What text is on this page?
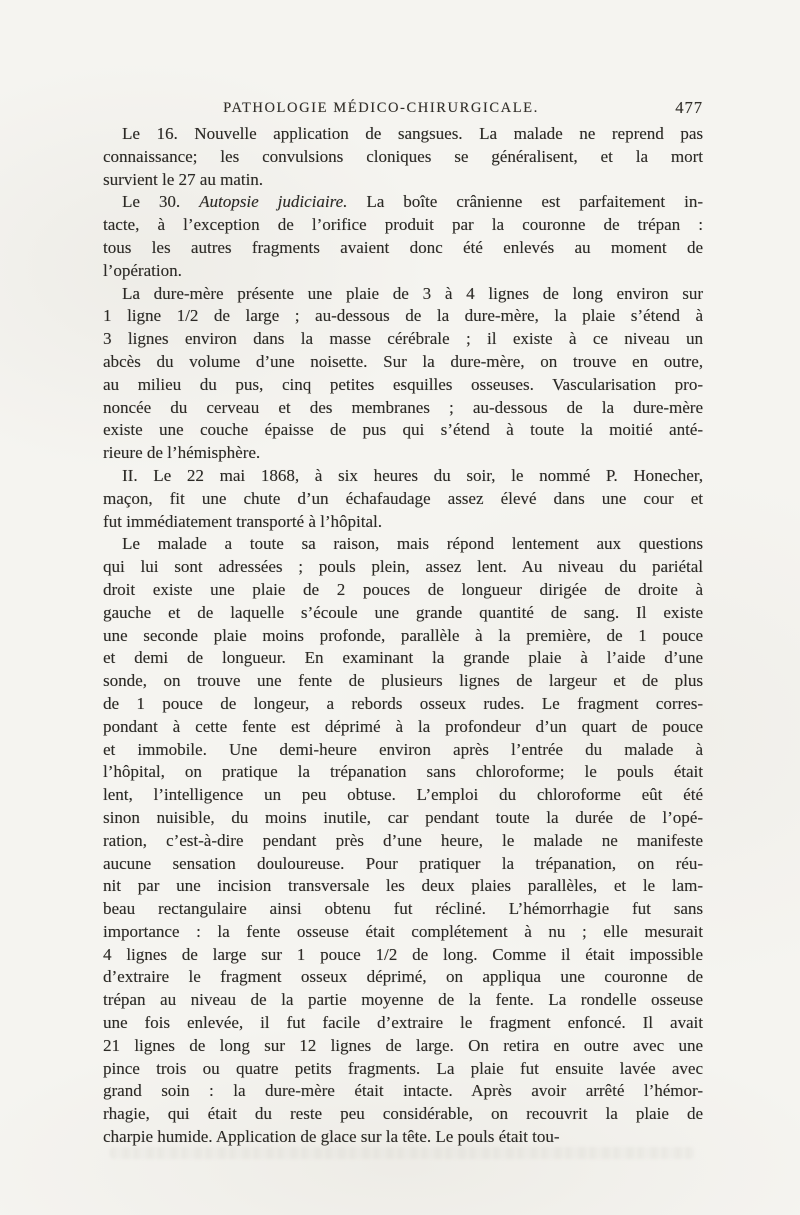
PATHOLOGIE MÉDICO-CHIRURGICALE.	477
Le 16. Nouvelle application de sangsues. La malade ne reprend pas
connaissance; les convulsions cloniques se généralisent, et la mort
survient le 27 au matin.
Le 30. Autopsie judiciaire. La boîte crânienne est parfaitement in-
tacte, à l’exception de l’orifice produit par la couronne de trépan :
tous les autres fragments avaient donc été enlevés au moment de
l’opération.
La dure-mère présente une plaie de 3 à 4 lignes de long environ sur
1 ligne 1/2 de large ; au-dessous de la dure-mère, la plaie s’étend à
3 lignes environ dans la masse cérébrale ; il existe à ce niveau un
abcès du volume d’une noisette. Sur la dure-mère, on trouve en outre,
au milieu du pus, cinq petites esquilles osseuses. Vascularisation pro-
noncée du cerveau et des membranes ; au-dessous de la dure-mère
existe une couche épaisse de pus qui s’étend à toute la moitié anté-
rieure de l’hémisphère.
II. Le 22 mai 1868, à six heures du soir, le nommé P. Honecher,
maçon, fit une chute d’un échafaudage assez élevé dans une cour et
fut immédiatement transporté à l’hôpital.
Le malade a toute sa raison, mais répond lentement aux questions
qui lui sont adressées ; pouls plein, assez lent. Au niveau du pariétal
droit existe une plaie de 2 pouces de longueur dirigée de droite à
gauche et de laquelle s’écoule une grande quantité de sang. Il existe
une seconde plaie moins profonde, parallèle à la première, de 1 pouce
et demi de longueur. En examinant la grande plaie à l’aide d’une
sonde, on trouve une fente de plusieurs lignes de largeur et de plus
de 1 pouce de longeur, a rebords osseux rudes. Le fragment corres-
pondant à cette fente est déprimé à la profondeur d’un quart de pouce
et immobile. Une demi-heure environ après l’entrée du malade à
l’hôpital, on pratique la trépanation sans chloroforme; le pouls était
lent, l’intelligence un peu obtuse. L’emploi du chloroforme eût été
sinon nuisible, du moins inutile, car pendant toute la durée de l’opé-
ration, c’est-à-dire pendant près d’une heure, le malade ne manifeste
aucune sensation douloureuse. Pour pratiquer la trépanation, on réu-
nit par une incision transversale les deux plaies parallèles, et le lam-
beau rectangulaire ainsi obtenu fut récliné. L’hémorrhagie fut sans
importance : la fente osseuse était complétement à nu ; elle mesurait
4 lignes de large sur 1 pouce 1/2 de long. Comme il était impossible
d’extraire le fragment osseux déprimé, on appliqua une couronne de
trépan au niveau de la partie moyenne de la fente. La rondelle osseuse
une fois enlevée, il fut facile d’extraire le fragment enfoncé. Il avait
21 lignes de long sur 12 lignes de large. On retira en outre avec une
pince trois ou quatre petits fragments. La plaie fut ensuite lavée avec
grand soin : la dure-mère était intacte. Après avoir arrêté l’hémor-
rhagie, qui était du reste peu considérable, on recouvrit la plaie de
charpie humide. Application de glace sur la tête. Le pouls était tou-
